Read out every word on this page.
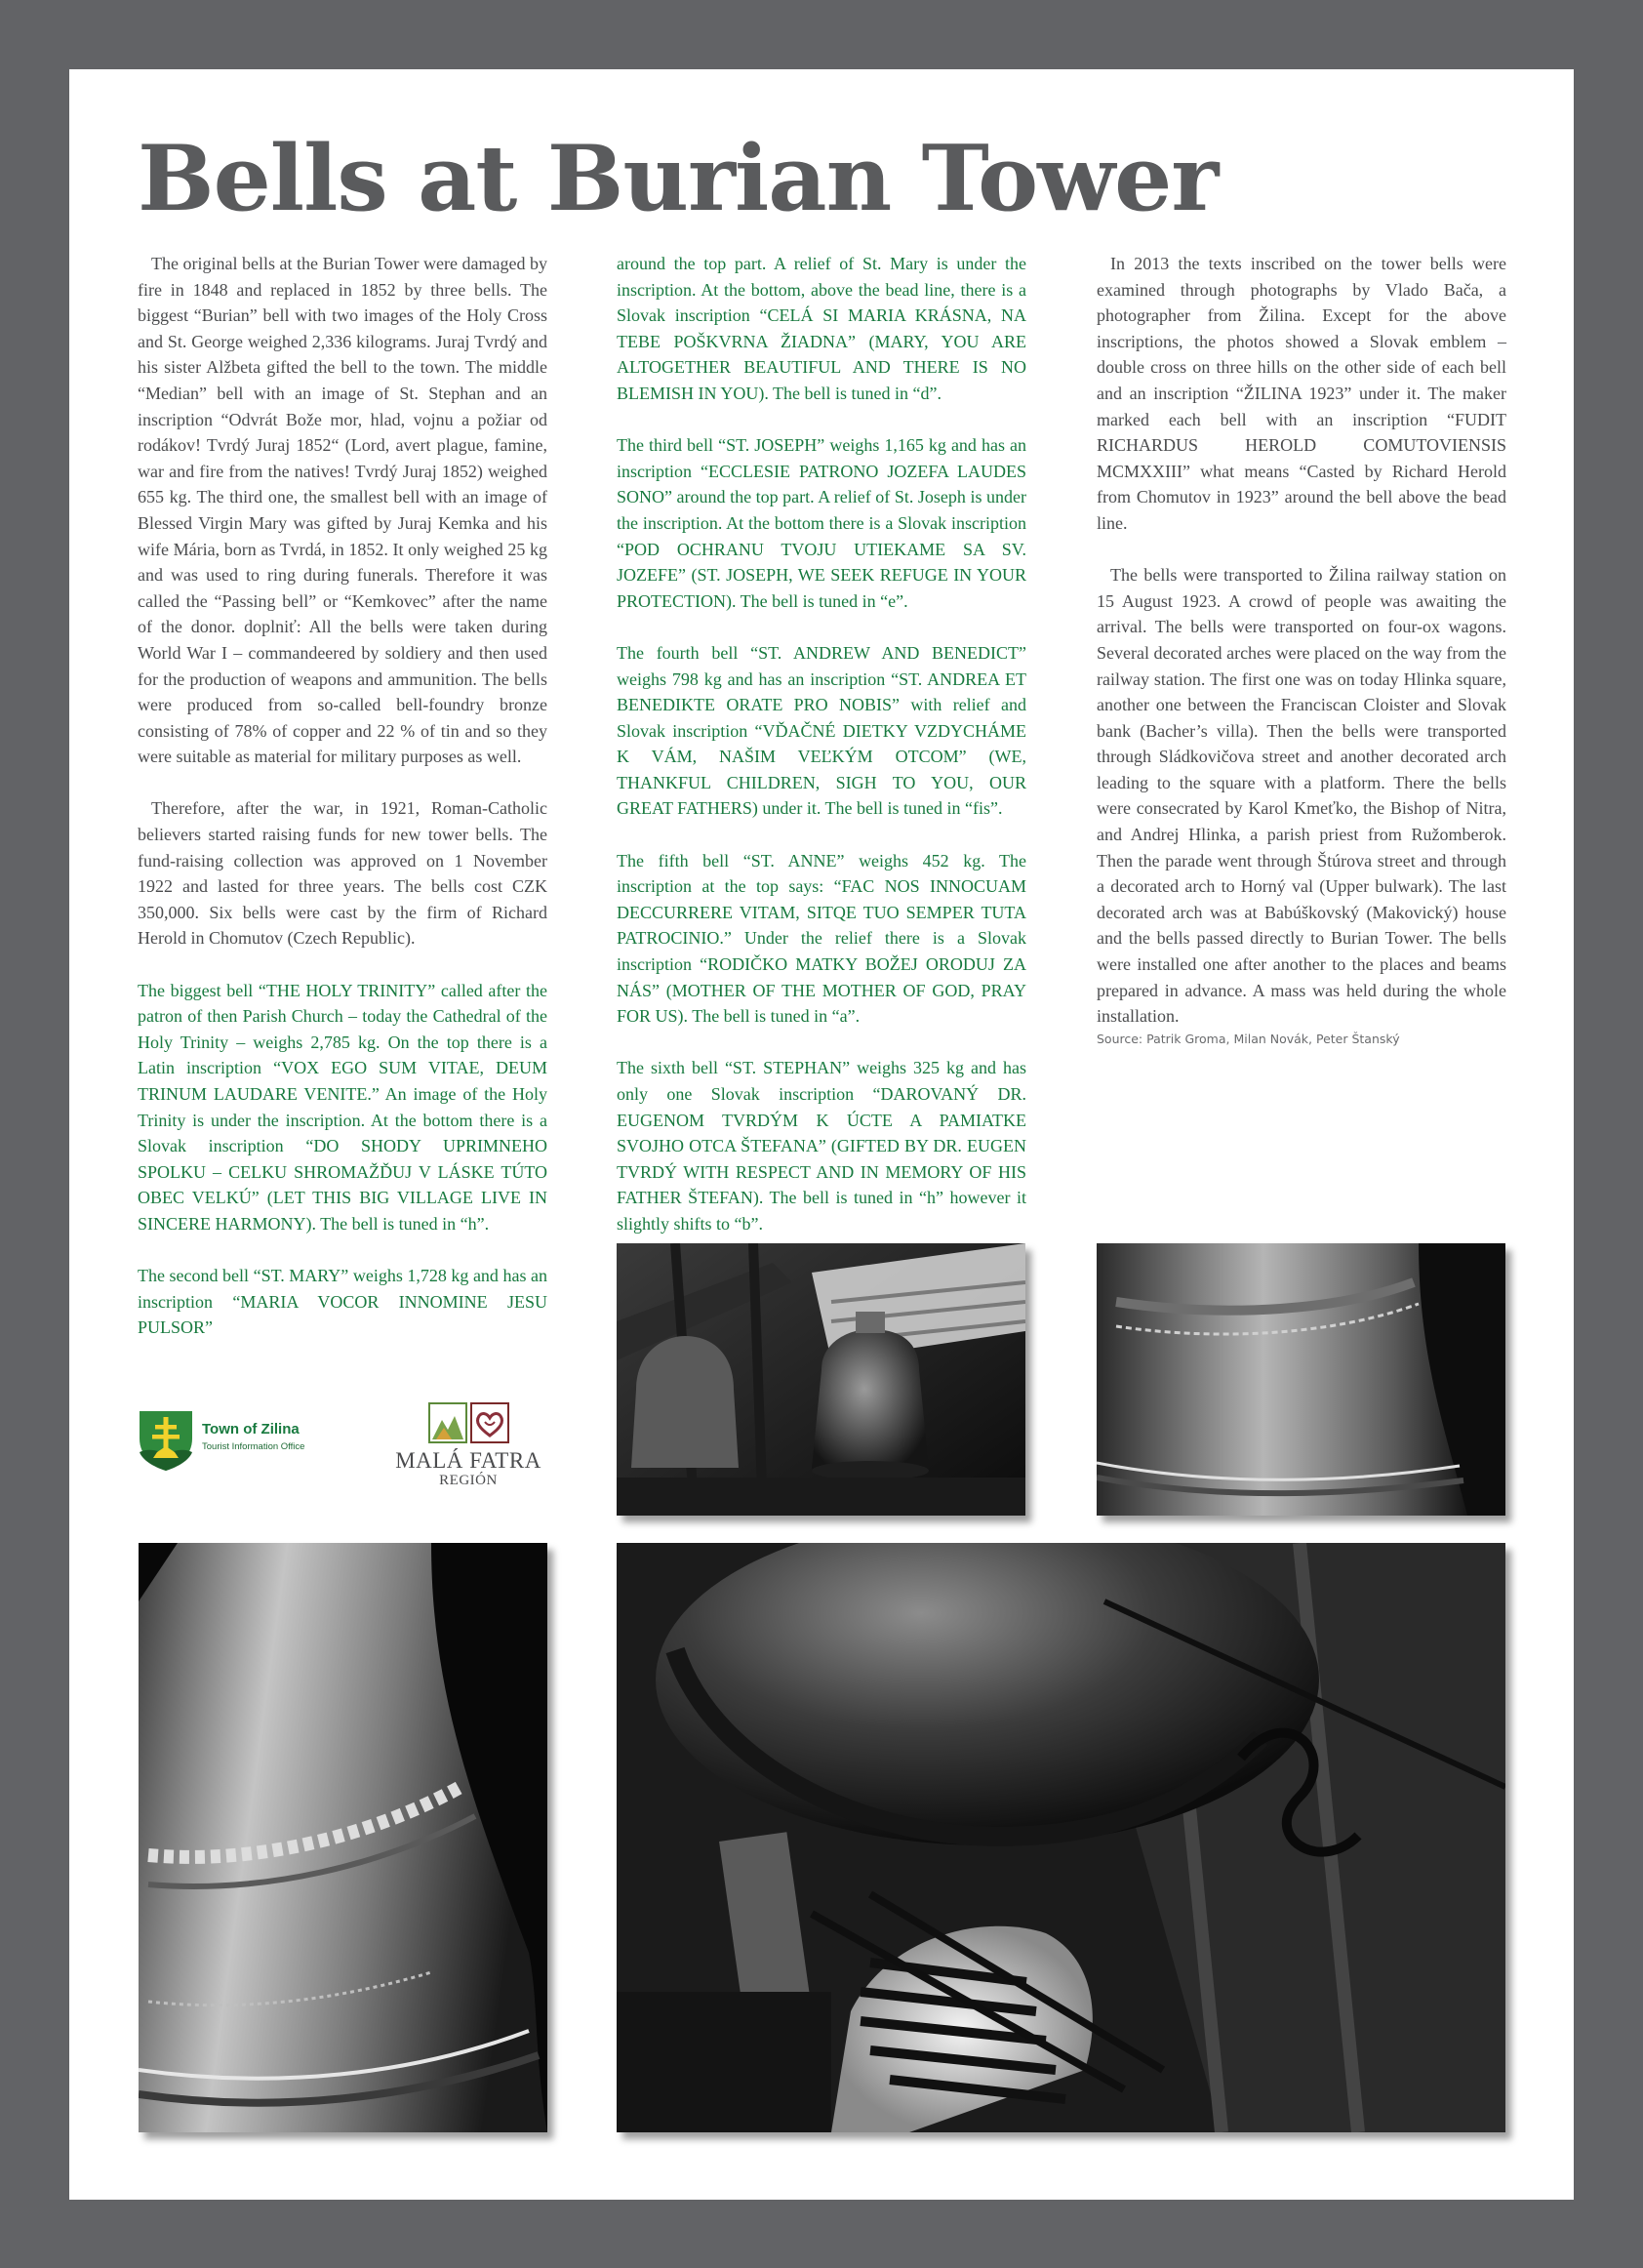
Bells at Burian Tower

The original bells at the Burian Tower were damaged by fire in 1848 and replaced in 1852 by three bells. The biggest “Burian” bell with two images of the Holy Cross and St. George weighed 2,336 kilograms. Juraj Tvrdý and his sister Alžbeta gifted the bell to the town. The middle “Median” bell with an image of St. Stephan and an inscription “Odvrát Bože mor, hlad, vojnu a požiar od rodákov! Tvrdý Juraj 1852“ (Lord, avert plague, famine, war and fire from the natives! Tvrdý Juraj 1852) weighed 655 kg. The third one, the smallest bell with an image of Blessed Virgin Mary was gifted by Juraj Kemka and his wife Mária, born as Tvrdá, in 1852. It only weighed 25 kg and was used to ring during funerals. Therefore it was called the “Passing bell” or “Kemkovec” after the name of the donor. doplniť: All the bells were taken during World War I – commandeered by soldiery and then used for the production of weapons and ammunition. The bells were produced from so-called bell-foundry bronze consisting of 78% of copper and 22 % of tin and so they were suitable as material for military purposes as well.

Therefore, after the war, in 1921, Roman-Catholic believers started raising funds for new tower bells. The fund-raising collection was approved on 1 November 1922 and lasted for three years. The bells cost CZK 350,000. Six bells were cast by the firm of Richard Herold in Chomutov (Czech Republic).

The biggest bell “THE HOLY TRINITY” called after the patron of then Parish Church – today the Cathedral of the Holy Trinity – weighs 2,785 kg. On the top there is a Latin inscription “VOX EGO SUM VITAE, DEUM TRINUM LAUDARE VENITE.” An image of the Holy Trinity is under the inscription. At the bottom there is a Slovak inscription “DO SHODY UPRIMNEHO SPOLKU – CELKU SHROMAŽĎUJ V LÁSKE TÚTO OBEC VELKÚ” (LET THIS BIG VILLAGE LIVE IN SINCERE HARMONY). The bell is tuned in “h”.

The second bell “ST. MARY” weighs 1,728 kg and has an inscription “MARIA VOCOR INNOMINE JESU PULSOR”

around the top part. A relief of St. Mary is under the inscription. At the bottom, above the bead line, there is a Slovak inscription “CELÁ SI MARIA KRÁSNA, NA TEBE POŠKVRNA ŽIADNA” (MARY, YOU ARE ALTOGETHER BEAUTIFUL AND THERE IS NO BLEMISH IN YOU). The bell is tuned in “d”.

The third bell “ST. JOSEPH” weighs 1,165 kg and has an inscription “ECCLESIE PATRONO JOZEFA LAUDES SONO” around the top part. A relief of St. Joseph is under the inscription. At the bottom there is a Slovak inscription “POD OCHRANU TVOJU UTIEKAME SA SV. JOZEFE” (ST. JOSEPH, WE SEEK REFUGE IN YOUR PROTECTION). The bell is tuned in “e”.

The fourth bell “ST. ANDREW AND BENEDICT” weighs 798 kg and has an inscription “ST. ANDREA ET BENEDIKTE ORATE PRO NOBIS” with relief and Slovak inscription “VĎAČNÉ DIETKY VZDYCHÁME K VÁM, NAŠIM VEĽKÝM OTCOM” (WE, THANKFUL CHILDREN, SIGH TO YOU, OUR GREAT FATHERS) under it. The bell is tuned in “fis”.

The fifth bell “ST. ANNE” weighs 452 kg. The inscription at the top says: “FAC NOS INNOCUAM DECCURRERE VITAM, SITQE TUO SEMPER TUTA PATROCINIO.” Under the relief there is a Slovak inscription “RODIČKO MATKY BOŽEJ ORODUJ ZA NÁS” (MOTHER OF THE MOTHER OF GOD, PRAY FOR US). The bell is tuned in “a”.

The sixth bell “ST. STEPHAN” weighs 325 kg and has only one Slovak inscription “DAROVANÝ DR. EUGENOM TVRDÝM K ÚCTE A PAMIATKE SVOJHO OTCA ŠTEFANA” (GIFTED BY DR. EUGEN TVRDÝ WITH RESPECT AND IN MEMORY OF HIS FATHER ŠTEFAN). The bell is tuned in “h” however it slightly shifts to “b”.

In 2013 the texts inscribed on the tower bells were examined through photographs by Vlado Bača, a photographer from Žilina. Except for the above inscriptions, the photos showed a Slovak emblem – double cross on three hills on the other side of each bell and an inscription “ŽILINA 1923” under it. The maker marked each bell with an inscription “FUDIT RICHARDUS HEROLD COMUTOVIENSIS MCMXXIII” what means “Casted by Richard Herold from Chomutov in 1923” around the bell above the bead line.

The bells were transported to Žilina railway station on 15 August 1923. A crowd of people was awaiting the arrival. The bells were transported on four-ox wagons. Several decorated arches were placed on the way from the railway station. The first one was on today Hlinka square, another one between the Franciscan Cloister and Slovak bank (Bacher’s villa). Then the bells were transported through Sládkovičova street and another decorated arch leading to the square with a platform. There the bells were consecrated by Karol Kmeťko, the Bishop of Nitra, and Andrej Hlinka, a parish priest from Ružomberok. Then the parade went through Štúrova street and through a decorated arch to Horný val (Upper bulwark). The last decorated arch was at Babúškovský (Makovický) house and the bells passed directly to Burian Tower. The bells were installed one after another to the places and beams prepared in advance. A mass was held during the whole installation.

Source: Patrik Groma, Milan Novák, Peter Štanský

Town of Zilina
Tourist Information Office
MALÁ FATRA
REGIÓN
